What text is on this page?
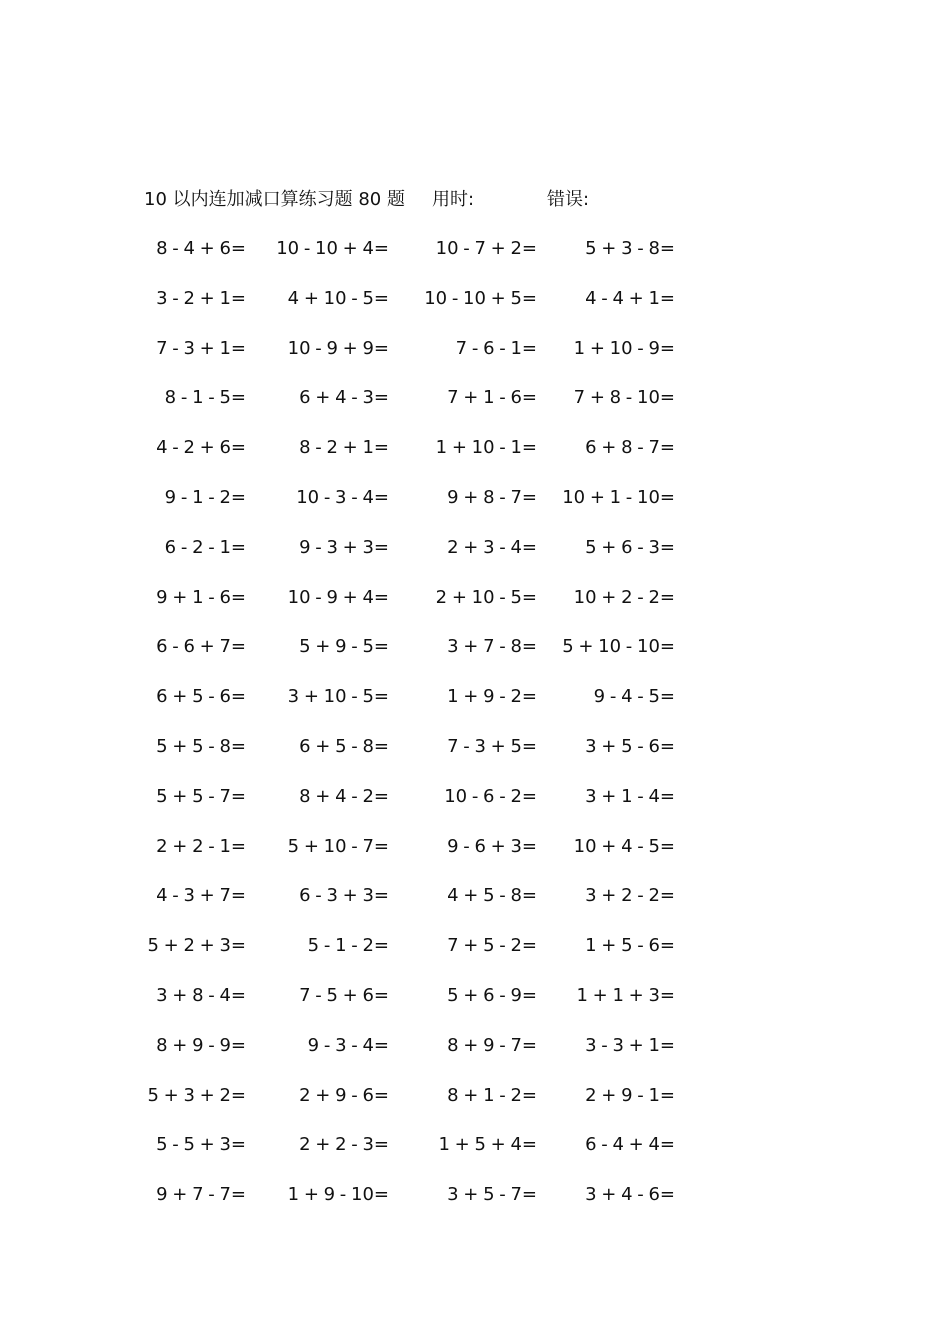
10 以内连加减口算练习题 80 题 用时:	错误:
8 - 4 + 6= 10 - 10 + 4=	10 - 7 + 2=	5 + 3 - 8=
3 - 2 + 1= 4 + 10 - 5= 10 - 10 + 5=	4 - 4 + 1=
7 - 3 + 1= 10 - 9 + 9=	7 - 6 - 1= 1 + 10 - 9=
8 - 1 - 5=	6 + 4 - 3=	7 + 1 - 6= 7 + 8 - 10=
4 - 2 + 6=	8 - 2 + 1=	1 + 10 - 1=	6 + 8 - 7=
9 - 1 - 2=	10 - 3 - 4=	9 + 8 - 7= 10 + 1 - 10=
6 - 2 - 1=	9 - 3 + 3=	2 + 3 - 4=	5 + 6 - 3=
9 + 1 - 6= 10 - 9 + 4=	2 + 10 - 5= 10 + 2 - 2=
6 - 6 + 7=	5 + 9 - 5=	3 + 7 - 8= 5 + 10 - 10=
6 + 5 - 6= 3 + 10 - 5=	1 + 9 - 2=	9 - 4 - 5=
5 + 5 - 8=	6 + 5 - 8=	7 - 3 + 5=	3 + 5 - 6=
5 + 5 - 7=	8 + 4 - 2=	10 - 6 - 2=	3 + 1 - 4=
2 + 2 - 1= 5 + 10 - 7=	9 - 6 + 3= 10 + 4 - 5=
4 - 3 + 7=	6 - 3 + 3=	4 + 5 - 8=	3 + 2 - 2=
5 + 2 + 3=	5 - 1 - 2=	7 + 5 - 2=	1 + 5 - 6=
3 + 8 - 4=	7 - 5 + 6=	5 + 6 - 9= 1 + 1 + 3=
8 + 9 - 9=	9 - 3 - 4=	8 + 9 - 7=	3 - 3 + 1=
5 + 3 + 2=	2 + 9 - 6=	8 + 1 - 2=	2 + 9 - 1=
5 - 5 + 3=	2 + 2 - 3=	1 + 5 + 4=	6 - 4 + 4=
9 + 7 - 7= 1 + 9 - 10=	3 + 5 - 7=	3 + 4 - 6=
